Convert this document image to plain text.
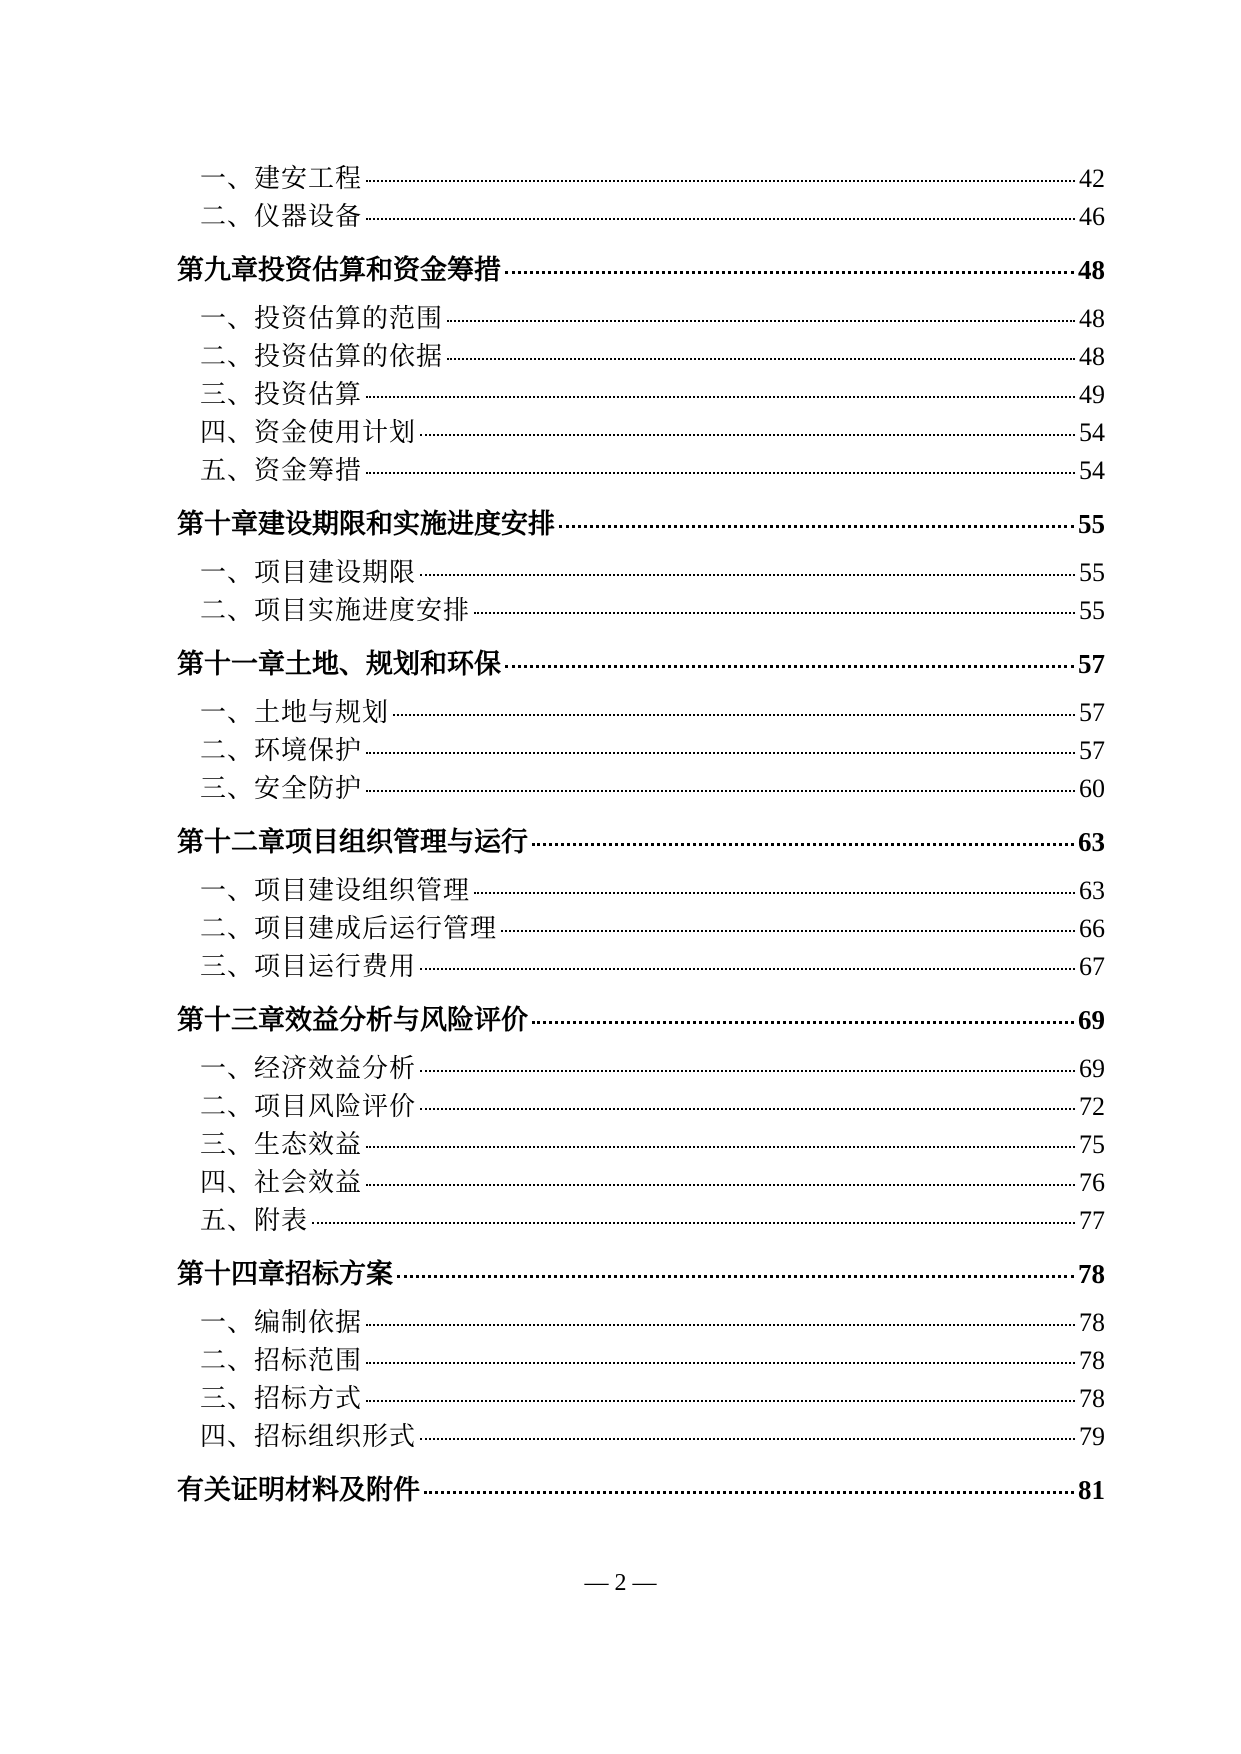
一、建安工程	42
二、仪器设备	46
第九章投资估算和资金筹措	48
一、投资估算的范围	48
二、投资估算的依据	48
三、投资估算	49
四、资金使用计划	54
五、资金筹措	54
第十章建设期限和实施进度安排	55
一、项目建设期限	55
二、项目实施进度安排	55
第十一章土地、规划和环保	57
一、土地与规划	57
二、环境保护	57
三、安全防护	60
第十二章项目组织管理与运行	63
一、项目建设组织管理	63
二、项目建成后运行管理	66
三、项目运行费用	67
第十三章效益分析与风险评价	69
一、经济效益分析	69
二、项目风险评价	72
三、生态效益	75
四、社会效益	76
五、附表	77
第十四章招标方案	78
一、编制依据	78
二、招标范围	78
三、招标方式	78
四、招标组织形式	79
有关证明材料及附件	81
— 2 —
